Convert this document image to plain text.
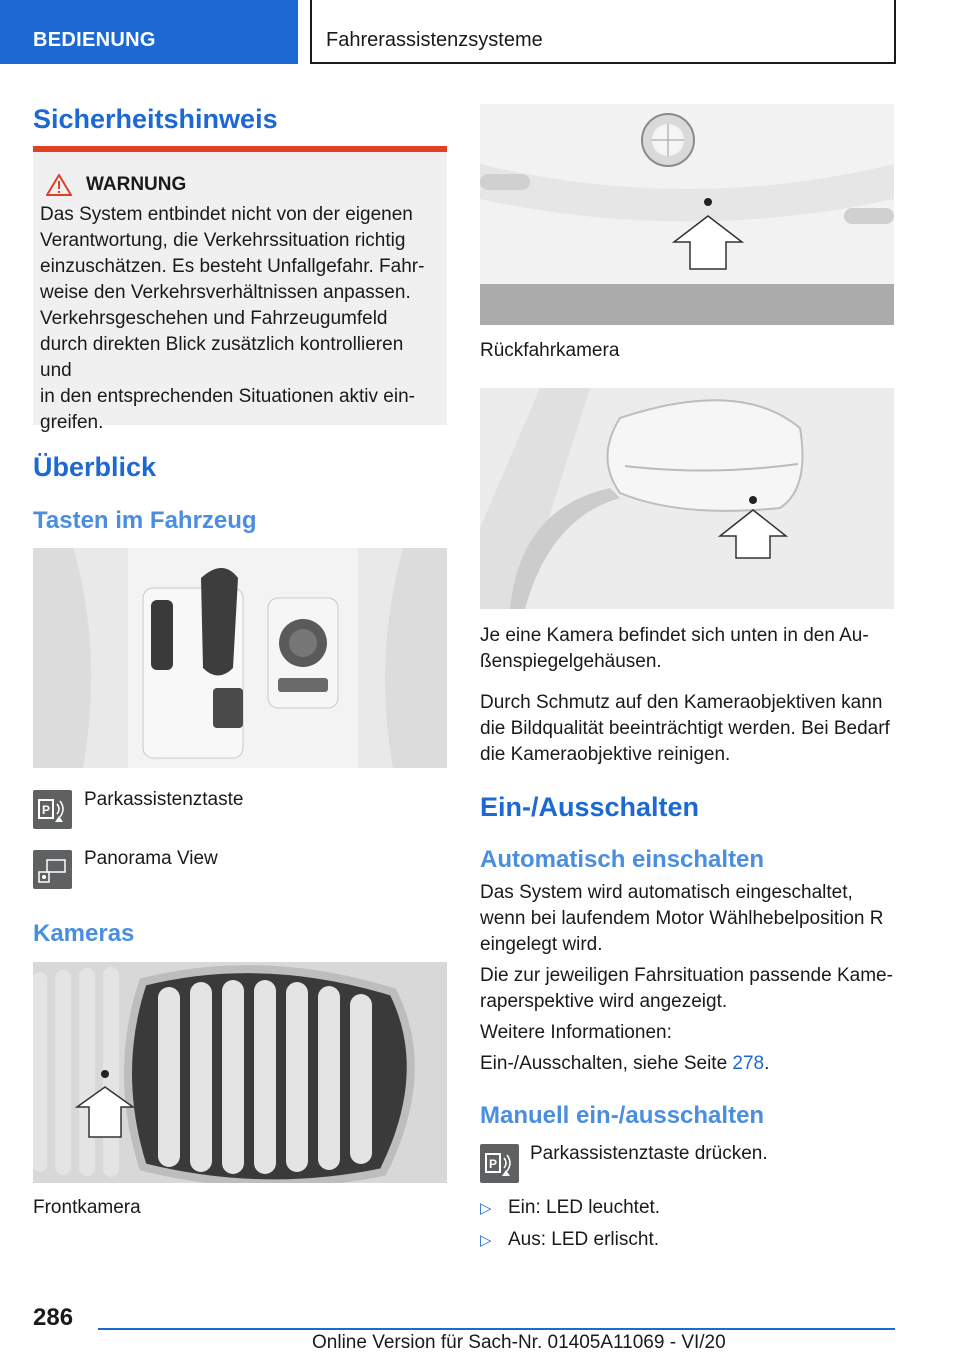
BEDIENUNG	Fahrerassistenzsysteme
Sicherheitshinweis
WARNUNG
Das System entbindet nicht von der eigenen
Verantwortung, die Verkehrssituation richtig
einzuschätzen. Es besteht Unfallgefahr. Fahr-
weise den Verkehrsverhältnissen anpassen.
Verkehrsgeschehen und Fahrzeugumfeld
durch direkten Blick zusätzlich kontrollieren und
in den entsprechenden Situationen aktiv ein-
greifen.
Überblick
Tasten im Fahrzeug
P Parkassistenztaste
Panorama View
Kameras
Frontkamera
Rückfahrkamera
Je eine Kamera befindet sich unten in den Au-
ßenspiegelgehäusen.
Durch Schmutz auf den Kameraobjektiven kann
die Bildqualität beeinträchtigt werden. Bei Bedarf
die Kameraobjektive reinigen.
Ein-/Ausschalten
Automatisch einschalten
Das System wird automatisch eingeschaltet,
wenn bei laufendem Motor Wählhebelposition R
eingelegt wird.
Die zur jeweiligen Fahrsituation passende Kame-
raperspektive wird angezeigt.
Weitere Informationen:
Ein-/Ausschalten, siehe Seite 278.
Manuell ein-/ausschalten
P Parkassistenztaste drücken.
▷ Ein: LED leuchtet.
▷ Aus: LED erlischt.
286
Online Version für Sach-Nr. 01405A11069 - VI/20
